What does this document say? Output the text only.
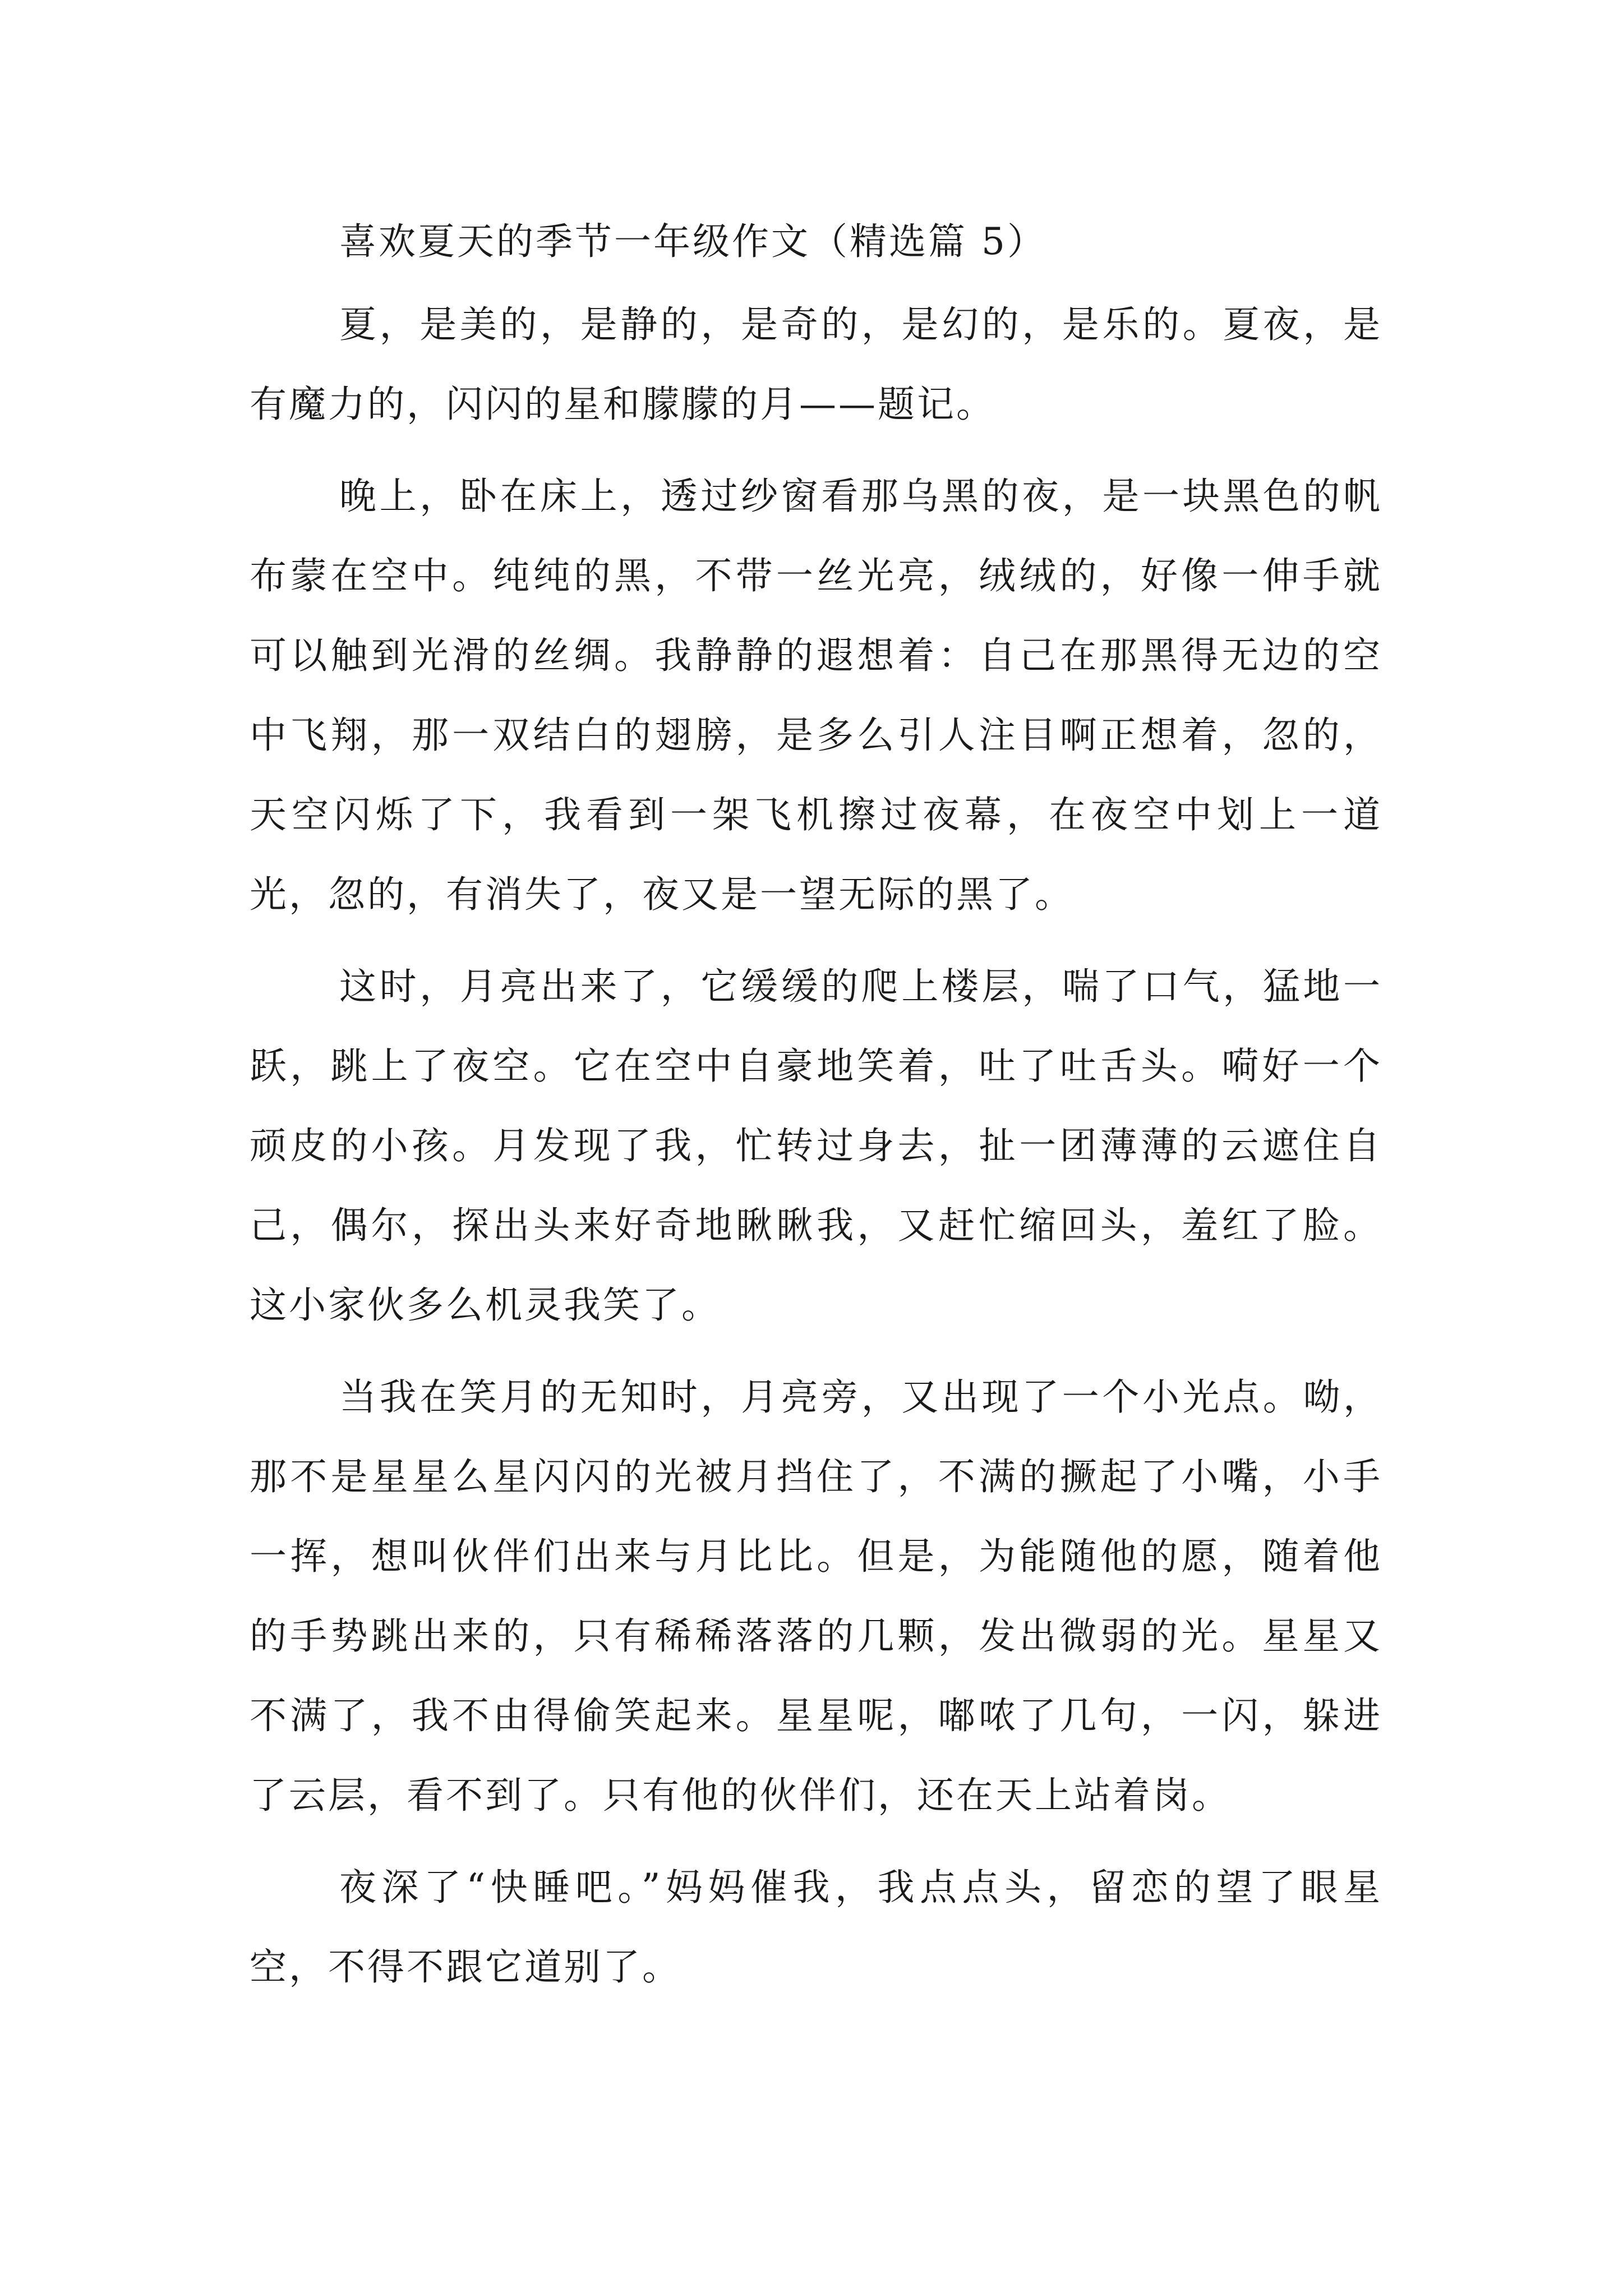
喜欢夏天的季节一年级作文（精选篇 5）

夏，是美的，是静的，是奇的，是幻的，是乐的。夏夜，是有魔力的，闪闪的星和朦朦的月——题记。

晚上，卧在床上，透过纱窗看那乌黑的夜，是一块黑色的帆布蒙在空中。纯纯的黑，不带一丝光亮，绒绒的，好像一伸手就可以触到光滑的丝绸。我静静的遐想着：自己在那黑得无边的空中飞翔，那一双结白的翅膀，是多么引人注目啊正想着，忽的，天空闪烁了下，我看到一架飞机擦过夜幕，在夜空中划上一道光，忽的，有消失了，夜又是一望无际的黑了。

这时，月亮出来了，它缓缓的爬上楼层，喘了口气，猛地一跃，跳上了夜空。它在空中自豪地笑着，吐了吐舌头。嗬好一个顽皮的小孩。月发现了我，忙转过身去，扯一团薄薄的云遮住自己，偶尔，探出头来好奇地瞅瞅我，又赶忙缩回头，羞红了脸。这小家伙多么机灵我笑了。

当我在笑月的无知时，月亮旁，又出现了一个小光点。呦，那不是星星么星闪闪的光被月挡住了，不满的撅起了小嘴，小手一挥，想叫伙伴们出来与月比比。但是，为能随他的愿，随着他的手势跳出来的，只有稀稀落落的几颗，发出微弱的光。星星又不满了，我不由得偷笑起来。星星呢，嘟哝了几句，一闪，躲进了云层，看不到了。只有他的伙伴们，还在天上站着岗。

夜深了“快睡吧。”妈妈催我，我点点头，留恋的望了眼星空，不得不跟它道别了。
